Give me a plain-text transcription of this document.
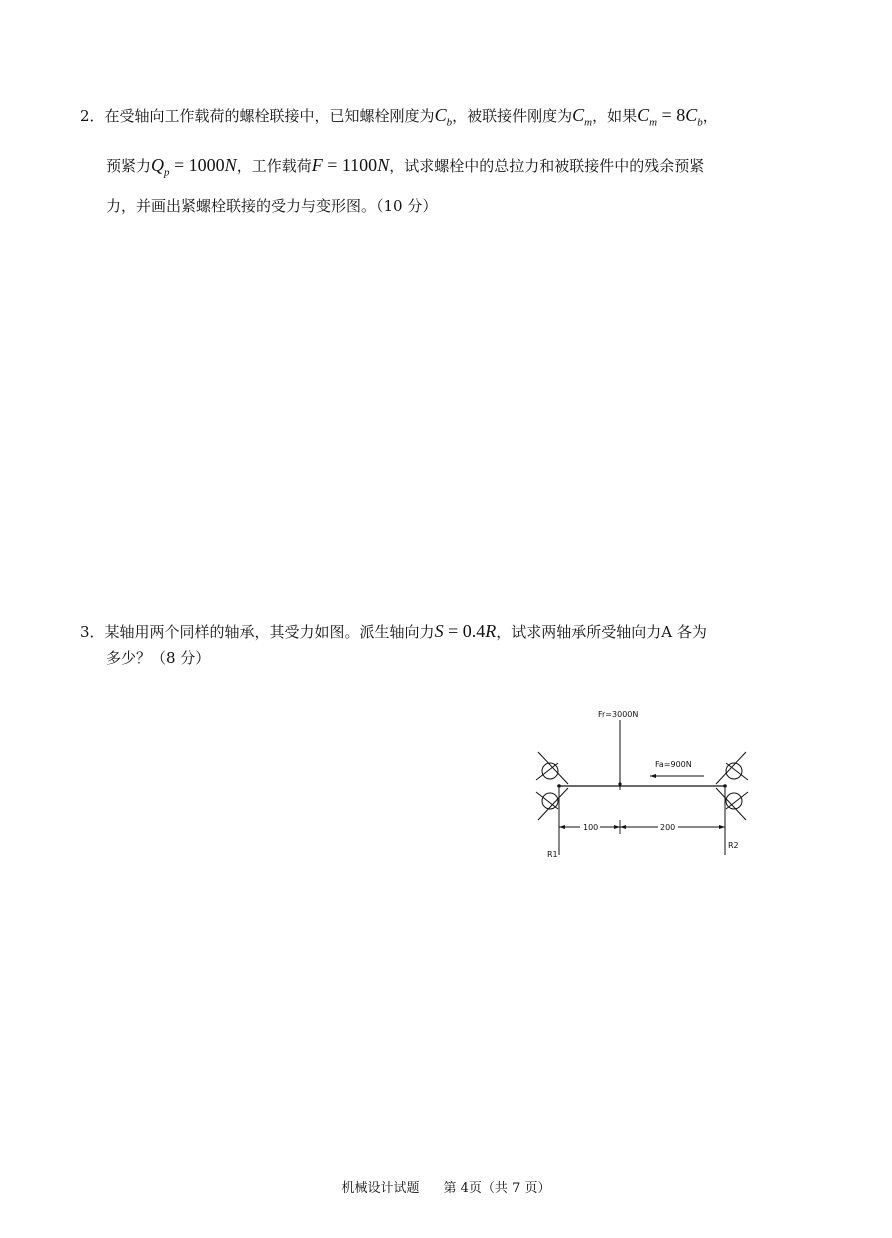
2．在受轴向工作载荷的螺栓联接中，已知螺栓刚度为$C_b$，被联接件刚度为$C_m$，如果$C_m = 8C_b$，
预紧力$Q_p = 1000N$，工作载荷F = 1100N，试求螺栓中的总拉力和被联接件中的残余预紧
力，并画出紧螺栓联接的受力与变形图。（10 分）
3．某轴用两个同样的轴承，其受力如图。派生轴向力S = 0.4R，试求两轴承所受轴向力A 各为
多少？（8 分）
Fr=3000N
Fa=900N
R1
R2
100	200
机械设计试题 第 4页（共 7 页）
